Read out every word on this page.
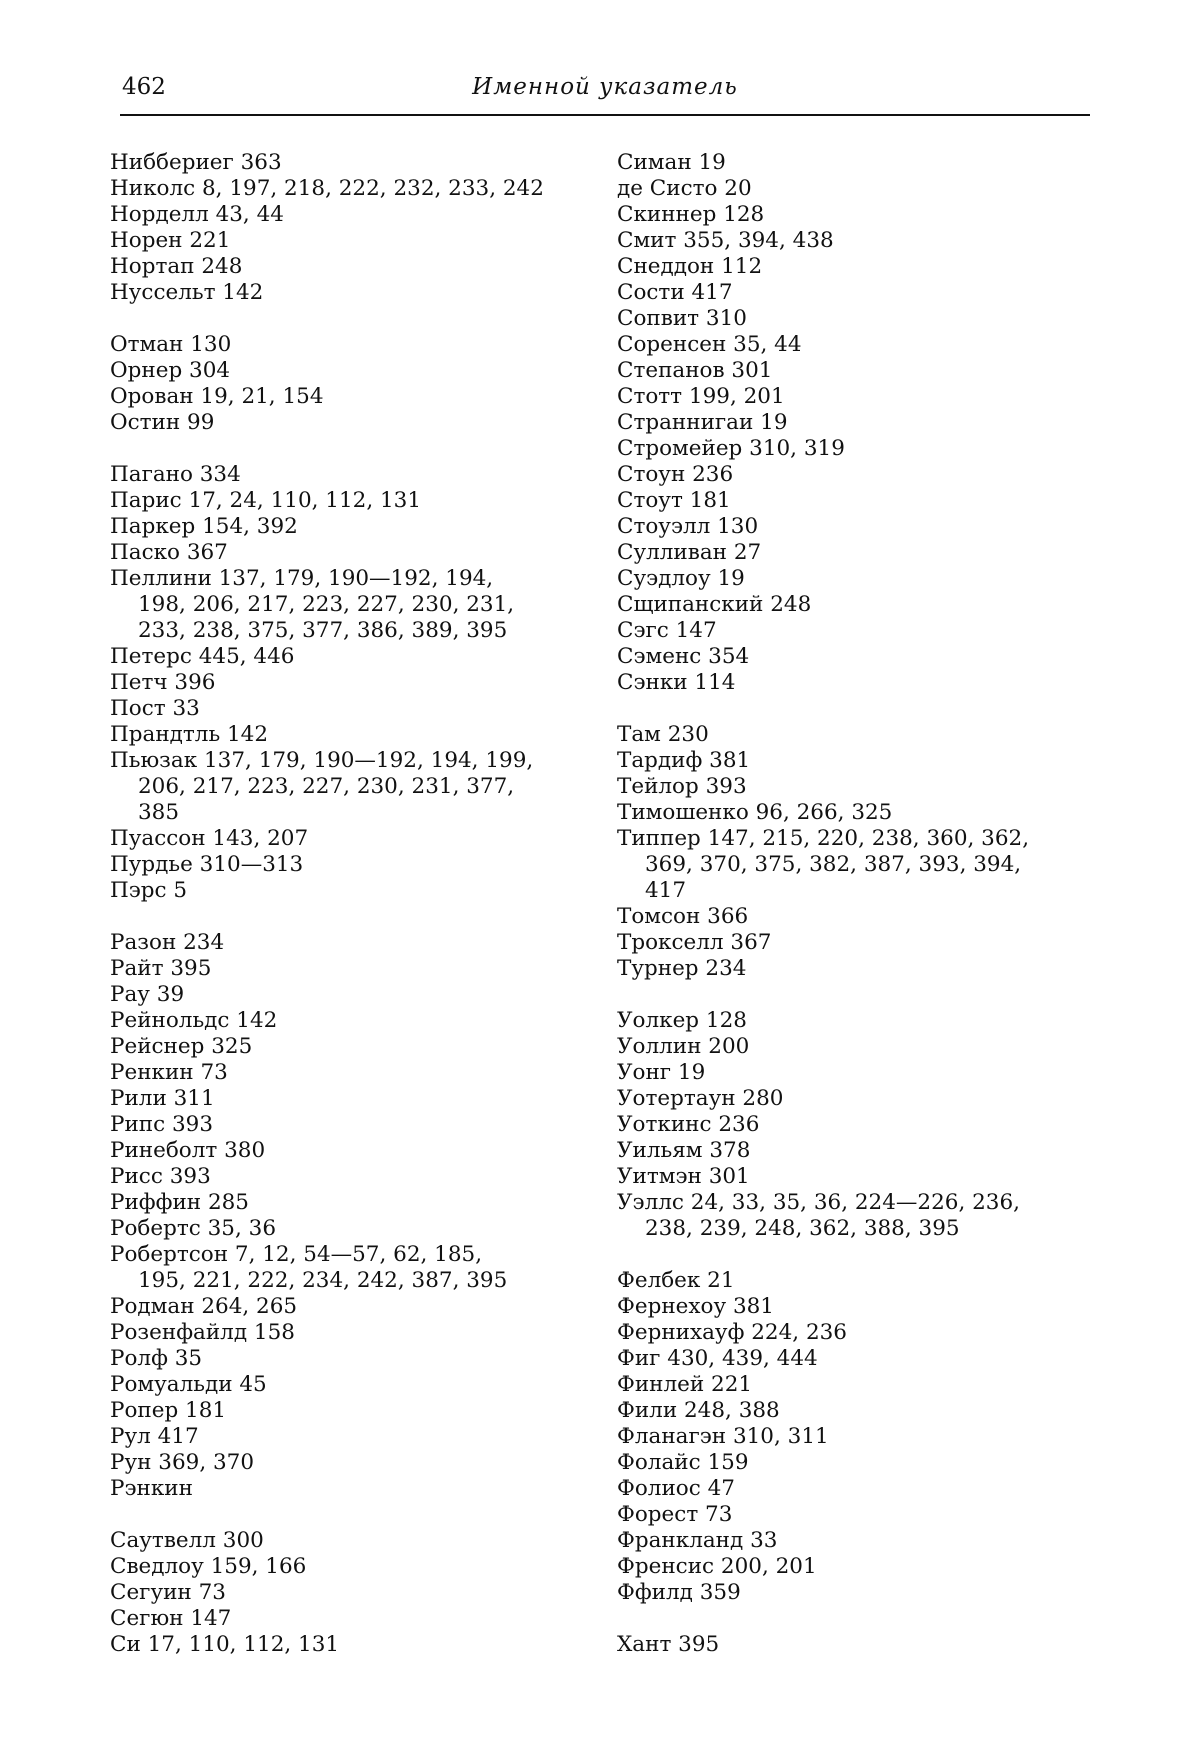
462	Именной указатель
Ниббериег 363
Николс 8, 197, 218, 222, 232, 233, 242
Норделл 43, 44
Норен 221
Нортап 248
Нуссельт 142
Отман 130
Орнер 304
Орован 19, 21, 154
Остин 99
Пагано 334
Парис 17, 24, 110, 112, 131
Паркер 154, 392
Паско 367
Пеллини 137, 179, 190—192, 194,
198, 206, 217, 223, 227, 230, 231,
233, 238, 375, 377, 386, 389, 395
Петерс 445, 446
Петч 396
Пост 33
Прандтль 142
Пьюзак 137, 179, 190—192, 194, 199,
206, 217, 223, 227, 230, 231, 377,
385
Пуассон 143, 207
Пурдье 310—313
Пэрс 5
Разон 234
Райт 395
Рау 39
Рейнольдс 142
Рейснер 325
Ренкин 73
Рили 311
Рипс 393
Ринеболт 380
Рисс 393
Риффин 285
Робертс 35, 36
Робертсон 7, 12, 54—57, 62, 185,
195, 221, 222, 234, 242, 387, 395
Родман 264, 265
Розенфайлд 158
Ролф 35
Ромуальди 45
Ропер 181
Рул 417
Рун 369, 370
Рэнкин
Саутвелл 300
Сведлоу 159, 166
Сегуин 73
Сегюн 147
Си 17, 110, 112, 131
Симан 19
де Систо 20
Скиннер 128
Смит 355, 394, 438
Снеддон 112
Сости 417
Сопвит 310
Соренсен 35, 44
Степанов 301
Стотт 199, 201
Страннигаи 19
Стромейер 310, 319
Стоун 236
Стоут 181
Стоуэлл 130
Сулливан 27
Суэдлоу 19
Сщипанский 248
Сэгс 147
Сэменс 354
Сэнки 114
Там 230
Тардиф 381
Тейлор 393
Тимошенко 96, 266, 325
Типпер 147, 215, 220, 238, 360, 362,
369, 370, 375, 382, 387, 393, 394,
417
Томсон 366
Трокселл 367
Турнер 234
Уолкер 128
Уоллин 200
Уонг 19
Уотертаун 280
Уоткинс 236
Уильям 378
Уитмэн 301
Уэллс 24, 33, 35, 36, 224—226, 236,
238, 239, 248, 362, 388, 395
Фелбек 21
Фернехоу 381
Фернихауф 224, 236
Фиг 430, 439, 444
Финлей 221
Фили 248, 388
Фланагэн 310, 311
Фолайс 159
Фолиос 47
Форест 73
Франкланд 33
Френсис 200, 201
Ффилд 359
Хант 395
